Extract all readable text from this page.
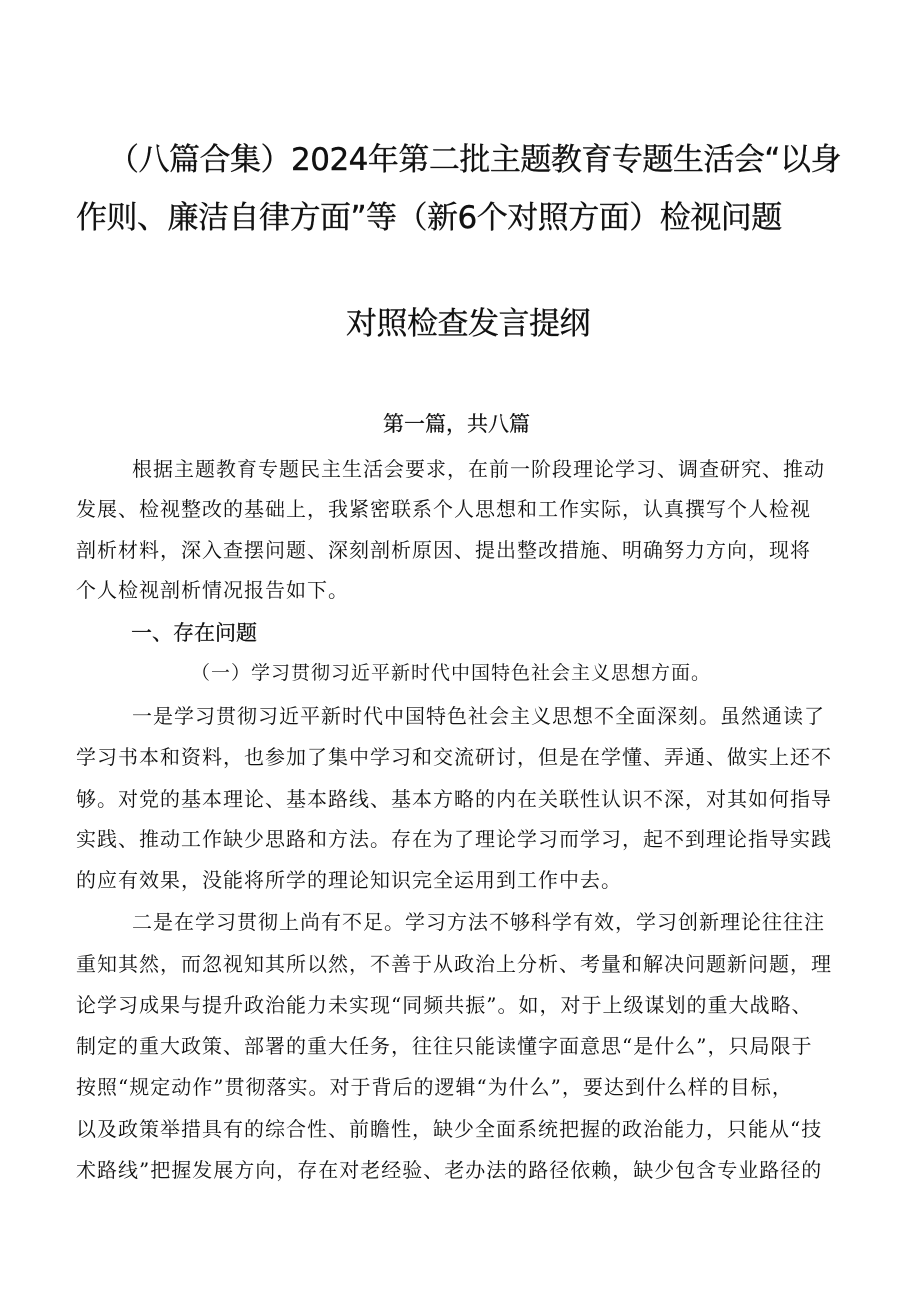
（八篇合集）2024年第二批主题教育专题生活会“以身
作则、廉洁自律方面”等（新6个对照方面）检视问题
对照检查发言提纲
第一篇，共八篇
根据主题教育专题民主生活会要求，在前一阶段理论学习、调查研究、推动
发展、检视整改的基础上，我紧密联系个人思想和工作实际，认真撰写个人检视
剖析材料，深入查摆问题、深刻剖析原因、提出整改措施、明确努力方向，现将
个人检视剖析情况报告如下。
一、存在问题
（一）学习贯彻习近平新时代中国特色社会主义思想方面。
一是学习贯彻习近平新时代中国特色社会主义思想不全面深刻。虽然通读了
学习书本和资料，也参加了集中学习和交流研讨，但是在学懂、弄通、做实上还不
够。对党的基本理论、基本路线、基本方略的内在关联性认识不深，对其如何指导
实践、推动工作缺少思路和方法。存在为了理论学习而学习，起不到理论指导实践
的应有效果，没能将所学的理论知识完全运用到工作中去。
二是在学习贯彻上尚有不足。学习方法不够科学有效，学习创新理论往往注
重知其然，而忽视知其所以然，不善于从政治上分析、考量和解决问题新问题，理
论学习成果与提升政治能力未实现“同频共振”。如，对于上级谋划的重大战略、
制定的重大政策、部署的重大任务，往往只能读懂字面意思“是什么”，只局限于
按照“规定动作”贯彻落实。对于背后的逻辑“为什么”，要达到什么样的目标，
以及政策举措具有的综合性、前瞻性，缺少全面系统把握的政治能力，只能从“技
术路线”把握发展方向，存在对老经验、老办法的路径依赖，缺少包含专业路径的
